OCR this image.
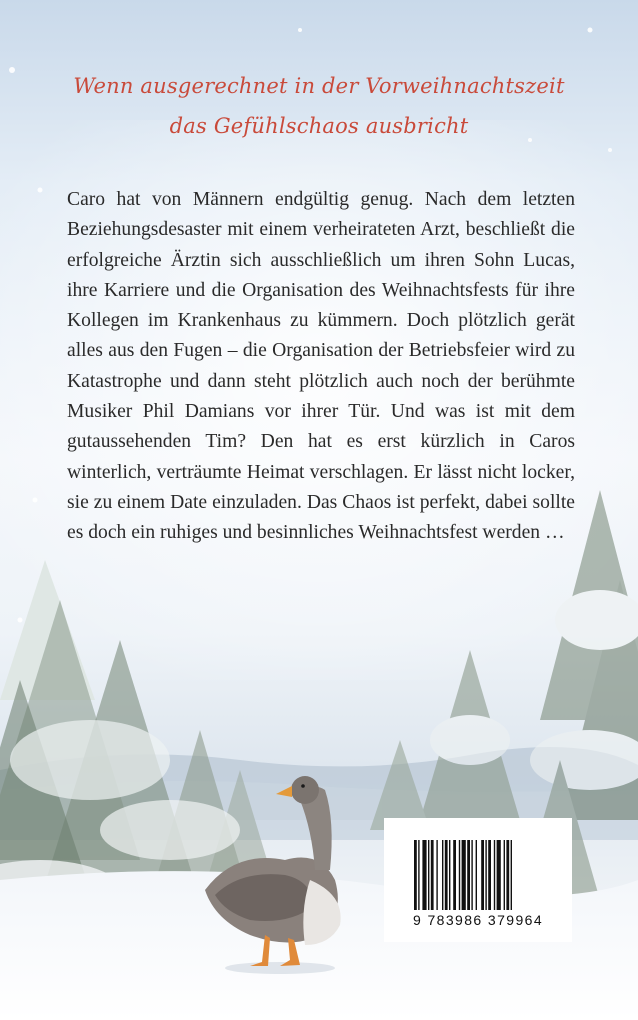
Wenn ausgerechnet in der Vorweihnachtszeit
das Gefühlschaos ausbricht

Caro hat von Männern endgültig genug. Nach dem letzten Beziehungsdesaster mit einem verheirateten Arzt, beschließt die erfolgreiche Ärztin sich ausschließlich um ihren Sohn Lucas, ihre Karriere und die Organisation des Weihnachtsfests für ihre Kollegen im Krankenhaus zu kümmern. Doch plötzlich gerät alles aus den Fugen – die Organisation der Betriebsfeier wird zu Katastrophe und dann steht plötzlich auch noch der berühmte Musiker Phil Damians vor ihrer Tür. Und was ist mit dem gutaussehenden Tim? Den hat es erst kürzlich in Caros winterlich, verträumte Heimat verschlagen. Er lässt nicht locker, sie zu einem Date einzuladen. Das Chaos ist perfekt, dabei sollte es doch ein ruhiges und besinnliches Weihnachtsfest werden …

9 783986 379964
